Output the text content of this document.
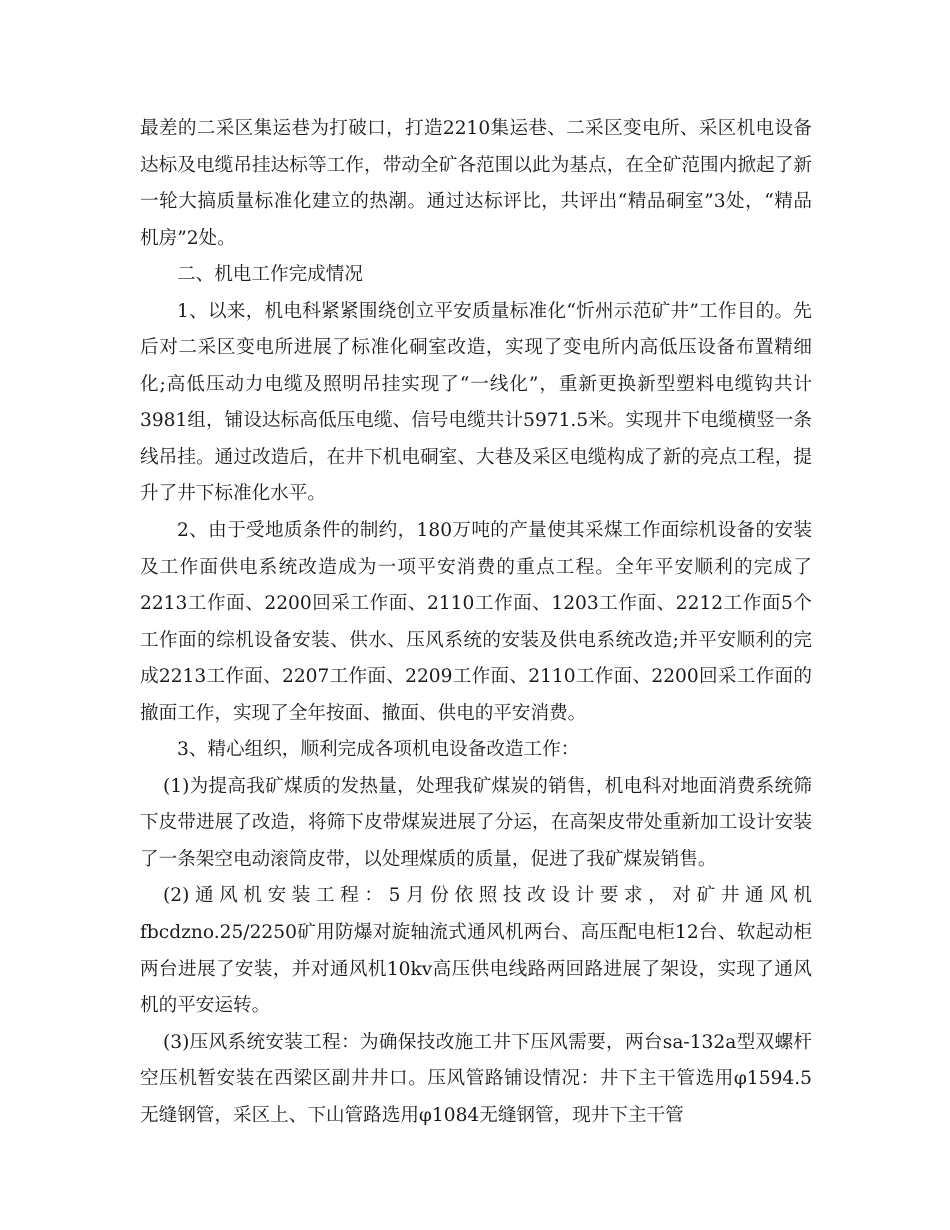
最差的二采区集运巷为打破口，打造2210集运巷、二采区变电所、采区机电设备达标及电缆吊挂达标等工作，带动全矿各范围以此为基点，在全矿范围内掀起了新一轮大搞质量标准化建立的热潮。通过达标评比，共评出“精品硐室”3处，“精品机房”2处。

二、机电工作完成情况

1、以来，机电科紧紧围绕创立平安质量标准化“忻州示范矿井”工作目的。先后对二采区变电所进展了标准化硐室改造，实现了变电所内高低压设备布置精细化;高低压动力电缆及照明吊挂实现了“一线化”，重新更换新型塑料电缆钩共计3981组，铺设达标高低压电缆、信号电缆共计5971.5米。实现井下电缆横竖一条线吊挂。通过改造后，在井下机电硐室、大巷及采区电缆构成了新的亮点工程，提升了井下标准化水平。

2、由于受地质条件的制约，180万吨的产量使其采煤工作面综机设备的安装及工作面供电系统改造成为一项平安消费的重点工程。全年平安顺利的完成了2213工作面、2200回采工作面、2110工作面、1203工作面、2212工作面5个工作面的综机设备安装、供水、压风系统的安装及供电系统改造;并平安顺利的完成2213工作面、2207工作面、2209工作面、2110工作面、2200回采工作面的撤面工作，实现了全年按面、撤面、供电的平安消费。

3、精心组织，顺利完成各项机电设备改造工作：

(1)为提高我矿煤质的发热量，处理我矿煤炭的销售，机电科对地面消费系统筛下皮带进展了改造，将筛下皮带煤炭进展了分运，在高架皮带处重新加工设计安装了一条架空电动滚筒皮带，以处理煤质的质量，促进了我矿煤炭销售。

(2)通风机安装工程：5月份依照技改设计要求，对矿井通风机fbcdzno.25/2250矿用防爆对旋轴流式通风机两台、高压配电柜12台、软起动柜两台进展了安装，并对通风机10kv高压供电线路两回路进展了架设，实现了通风机的平安运转。

(3)压风系统安装工程：为确保技改施工井下压风需要，两台sa-132a型双螺杆空压机暂安装在西梁区副井井口。压风管路铺设情况：井下主干管选用φ1594.5无缝钢管，采区上、下山管路选用φ1084无缝钢管，现井下主干管
